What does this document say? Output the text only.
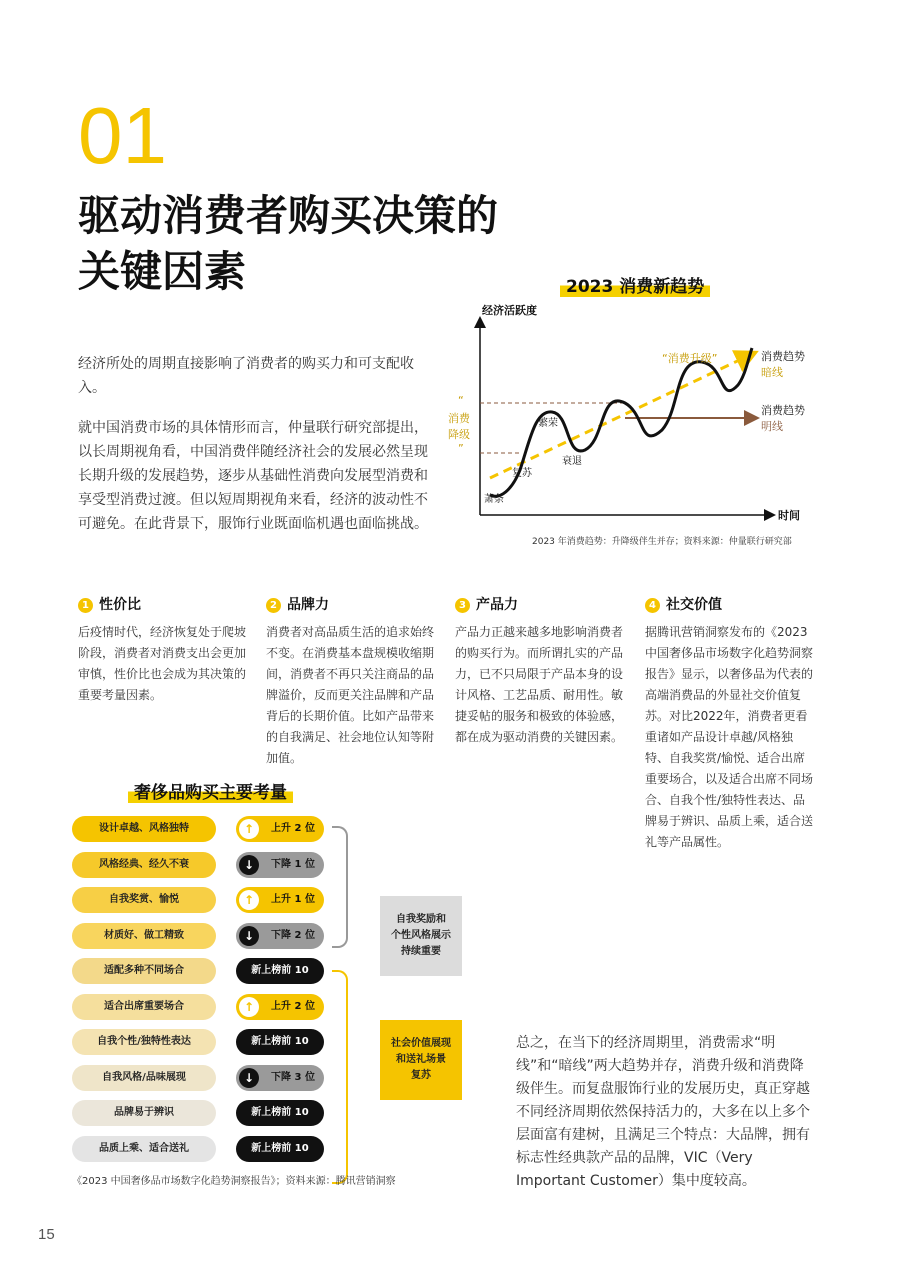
01
驱动消费者购买决策的
关键因素
经济所处的周期直接影响了消费者的购买力和可支配收入。
就中国消费市场的具体情形而言，仲量联行研究部提出，以长周期视角看，中国消费伴随经济社会的发展必然呈现长期升级的发展趋势，逐步从基础性消费向发展型消费和享受型消费过渡。但以短周期视角来看，经济的波动性不可避免。在此背景下，服饰行业既面临机遇也面临挑战。
2023 消费新趋势
经济活跃度
时间
“
消费
降级
”
萧条
复苏
繁荣
衰退
“消费升级”	消费趋势
暗线
消费趋势
明线
2023 年消费趋势：升降级伴生并存；资料来源：仲量联行研究部
1 性价比
后疫情时代，经济恢复处于爬坡阶段，消费者对消费支出会更加审慎，性价比也会成为其决策的重要考量因素。
2 品牌力
消费者对高品质生活的追求始终不变。在消费基本盘规模收缩期间，消费者不再只关注商品的品牌溢价，反而更关注品牌和产品背后的长期价值。比如产品带来的自我满足、社会地位认知等附加值。
3 产品力
产品力正越来越多地影响消费者的购买行为。而所谓扎实的产品力，已不只局限于产品本身的设计风格、工艺品质、耐用性。敏捷妥帖的服务和极致的体验感，都在成为驱动消费的关键因素。
4 社交价值
据腾讯营销洞察发布的《2023中国奢侈品市场数字化趋势洞察报告》显示，以奢侈品为代表的高端消费品的外显社交价值复苏。对比2022年，消费者更看重诸如产品设计卓越/风格独特、自我奖赏/愉悦、适合出席重要场合，以及适合出席不同场合、自我个性/独特性表达、品牌易于辨识、品质上乘，适合送礼等产品属性。
奢侈品购买主要考量
设计卓越、风格独特	↑	上升 2 位
风格经典、经久不衰	↓	下降 1 位
自我奖赏、愉悦	↑	上升 1 位
材质好、做工精致	↓	下降 2 位
适配多种不同场合	新上榜前 10
适合出席重要场合	↑	上升 2 位
自我个性/独特性表达	新上榜前 10
自我风格/品味展现	↓	下降 3 位
品牌易于辨识	新上榜前 10
品质上乘、适合送礼	新上榜前 10
自我奖励和
个性风格展示
持续重要
社会价值展现
和送礼场景
复苏
《2023 中国奢侈品市场数字化趋势洞察报告》；资料来源：腾讯营销洞察
总之，在当下的经济周期里，消费需求“明线”和“暗线”两大趋势并存，消费升级和消费降级伴生。而复盘服饰行业的发展历史，真正穿越不同经济周期依然保持活力的，大多在以上多个层面富有建树，且满足三个特点：大品牌，拥有标志性经典款产品的品牌，VIC（Very Important Customer）集中度较高。
15
